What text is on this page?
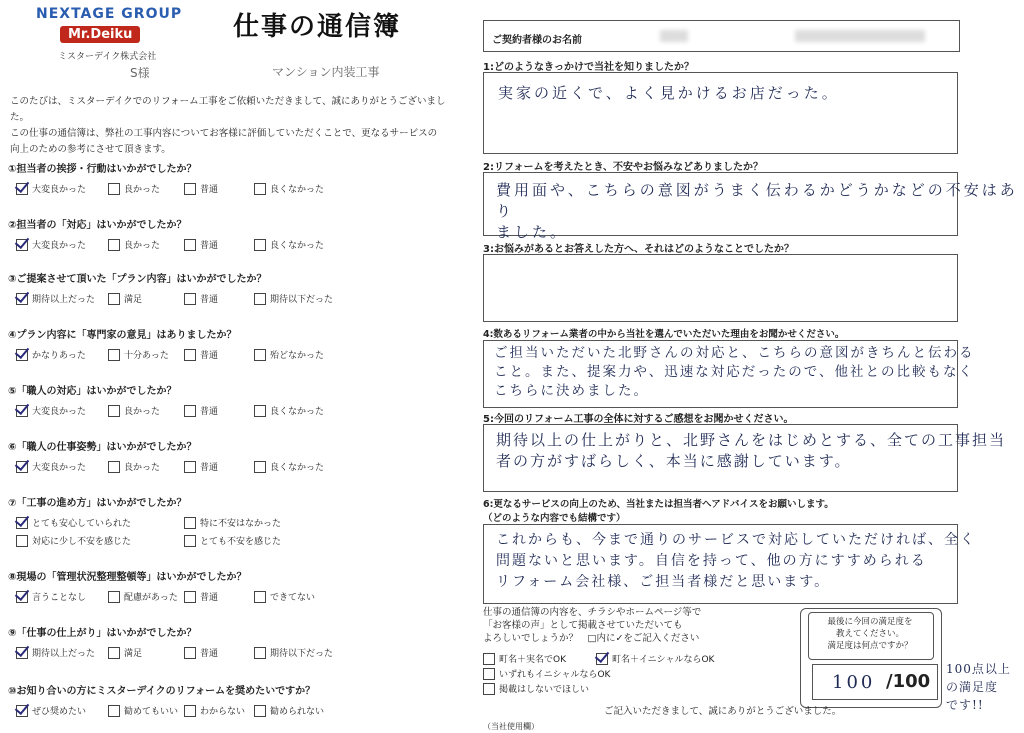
NEXTAGE GROUP
Mr.Deiku
ミスターデイク株式会社
仕事の通信簿
S様	マンション内装工事
このたびは、ミスターデイクでのリフォーム工事をご依頼いただきまして、誠にありがとうございました。
この仕事の通信簿は、弊社の工事内容についてお客様に評価していただくことで、更なるサービスの
向上のための参考にさせて頂きます。
①担当者の挨拶・行動はいかがでしたか？
大変良かった	良かった	普通	良くなかった
②担当者の「対応」はいかがでしたか？
大変良かった	良かった	普通	良くなかった
③ご提案させて頂いた「プラン内容」はいかがでしたか？
期待以上だった	満足	普通	期待以下だった
④プラン内容に「専門家の意見」はありましたか？
かなりあった	十分あった	普通	殆どなかった
⑤「職人の対応」はいかがでしたか？
大変良かった	良かった	普通	良くなかった
⑥「職人の仕事姿勢」はいかがでしたか？
大変良かった	良かった	普通	良くなかった
⑦「工事の進め方」はいかがでしたか？
とても安心していられた	特に不安はなかった
対応に少し不安を感じた	とても不安を感じた
⑧現場の「管理状況整理整頓等」はいかがでしたか？
言うことなし	配慮があった 普通	できてない
⑨「仕事の仕上がり」はいかがでしたか？
期待以上だった	満足	普通	期待以下だった
⑩お知り合いの方にミスターデイクのリフォームを奨めたいですか？
ぜひ奨めたい	勧めてもいい わからない	勧められない
ご契約者様のお名前
1:どのようなきっかけで当社を知りましたか？
実家の近くで、よく見かけるお店だった。
2:リフォームを考えたとき、不安やお悩みなどありましたか？
費用面や、こちらの意図がうまく伝わるかどうかなどの不安はあり
ました。
3:お悩みがあるとお答えした方へ、それはどのようなことでしたか？
4:数あるリフォーム業者の中から当社を選んでいただいた理由をお聞かせください。
ご担当いただいた北野さんの対応と、こちらの意図がきちんと伝わる
こと。また、提案力や、迅速な対応だったので、他社との比較もなく
こちらに決めました。
5:今回のリフォーム工事の全体に対するご感想をお聞かせください。
期待以上の仕上がりと、北野さんをはじめとする、全ての工事担当
者の方がすばらしく、本当に感謝しています。
6:更なるサービスの向上のため、当社または担当者へアドバイスをお願いします。
（どのような内容でも結構です）
これからも、今まで通りのサービスで対応していただければ、全く
問題ないと思います。自信を持って、他の方にすすめられる
リフォーム会社様、ご担当者様だと思います。
仕事の通信簿の内容を、チラシやホームページ等で
「お客様の声」として掲載させていただいても
よろしいでしょうか？　□内に✓をご記入ください
町名＋実名でOK	町名＋イニシャルならOK
いずれもイニシャルならOK
掲載はしないでほしい
最後に今回の満足度を
教えてください。
満足度は何点ですか？
100 /100
100点以上
の満足度
です!!
ご記入いただきまして、誠にありがとうございました。
（当社使用欄）
